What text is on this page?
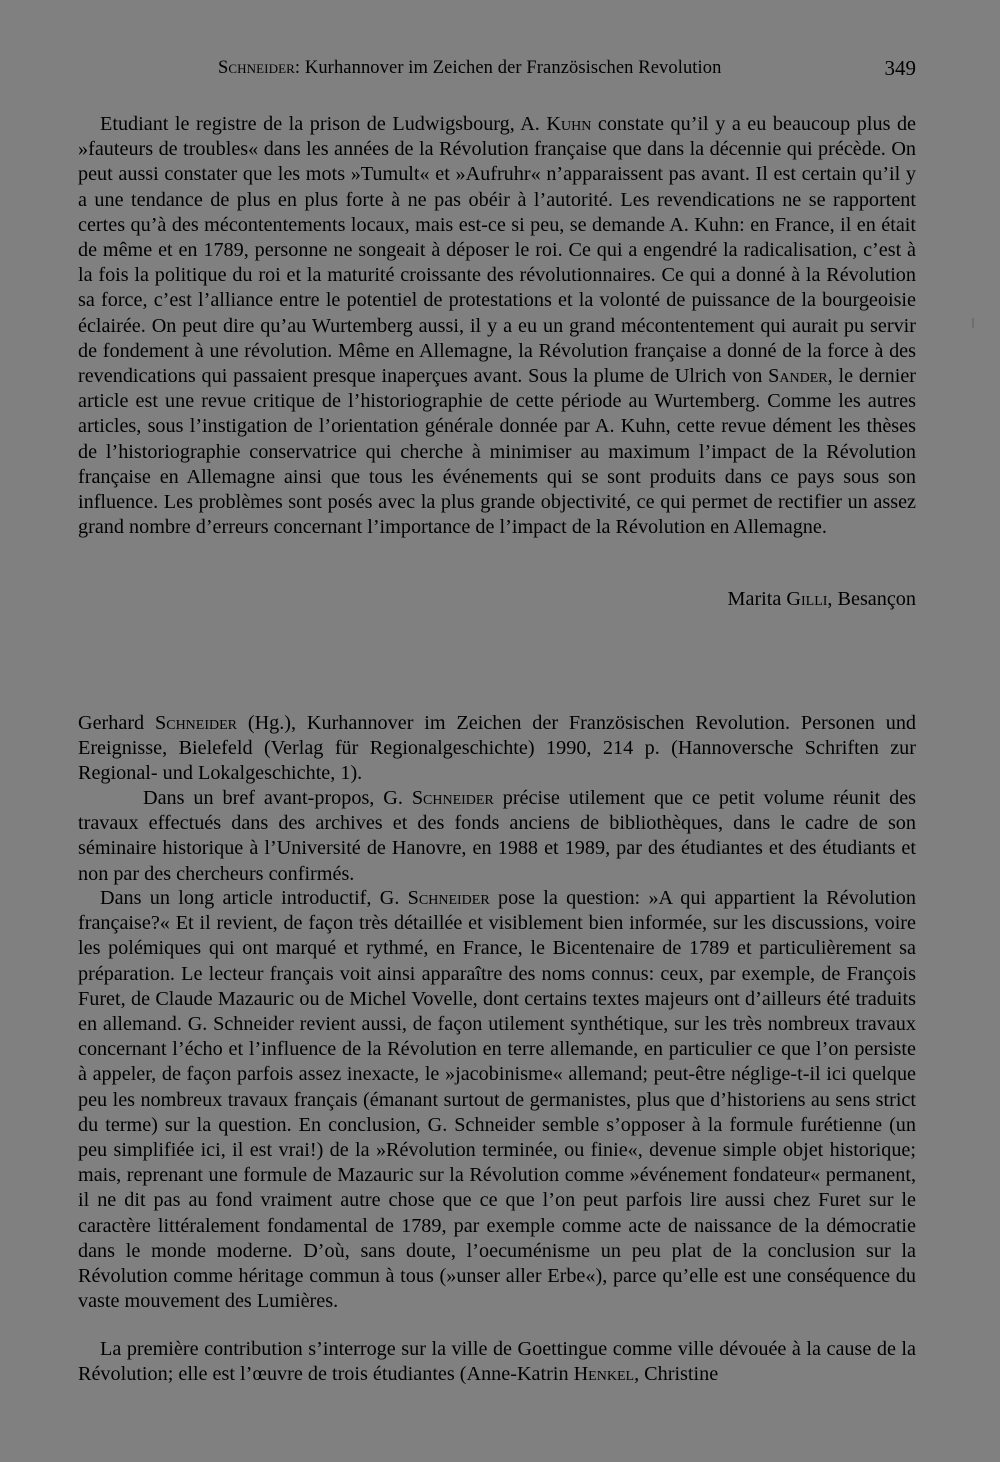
Schneider: Kurhannover im Zeichen der Französischen Revolution	349

Etudiant le registre de la prison de Ludwigsbourg, A. Kuhn constate qu’il y a eu beaucoup plus de »fauteurs de troubles« dans les années de la Révolution française que dans la décennie qui précède. On peut aussi constater que les mots »Tumult« et »Aufruhr« n’apparaissent pas avant. Il est certain qu’il y a une tendance de plus en plus forte à ne pas obéir à l’autorité. Les revendications ne se rapportent certes qu’à des mécontentements locaux, mais est-ce si peu, se demande A. Kuhn: en France, il en était de même et en 1789, personne ne songeait à déposer le roi. Ce qui a engendré la radicalisation, c’est à la fois la politique du roi et la maturité croissante des révolutionnaires. Ce qui a donné à la Révolution sa force, c’est l’alliance entre le potentiel de protestations et la volonté de puissance de la bourgeoisie éclairée. On peut dire qu’au Wurtemberg aussi, il y a eu un grand mécontentement qui aurait pu servir de fondement à une révolution. Même en Allemagne, la Révolution française a donné de la force à des revendications qui passaient presque inaperçues avant. Sous la plume de Ulrich von Sander, le dernier article est une revue critique de l’historiographie de cette période au Wurtemberg. Comme les autres articles, sous l’instigation de l’orientation générale donnée par A. Kuhn, cette revue dément les thèses de l’historiographie conservatrice qui cherche à minimiser au maximum l’impact de la Révolution française en Allemagne ainsi que tous les événements qui se sont produits dans ce pays sous son influence. Les problèmes sont posés avec la plus grande objectivité, ce qui permet de rectifier un assez grand nombre d’erreurs concernant l’importance de l’impact de la Révolution en Allemagne.

Marita Gilli, Besançon

Gerhard Schneider (Hg.), Kurhannover im Zeichen der Französischen Revolution. Personen und Ereignisse, Bielefeld (Verlag für Regionalgeschichte) 1990, 214 p. (Hannoversche Schriften zur Regional- und Lokalgeschichte, 1).

Dans un bref avant-propos, G. Schneider précise utilement que ce petit volume réunit des travaux effectués dans des archives et des fonds anciens de bibliothèques, dans le cadre de son séminaire historique à l’Université de Hanovre, en 1988 et 1989, par des étudiantes et des étudiants et non par des chercheurs confirmés.

Dans un long article introductif, G. Schneider pose la question: »A qui appartient la Révolution française?« Et il revient, de façon très détaillée et visiblement bien informée, sur les discussions, voire les polémiques qui ont marqué et rythmé, en France, le Bicentenaire de 1789 et particulièrement sa préparation. Le lecteur français voit ainsi apparaître des noms connus: ceux, par exemple, de François Furet, de Claude Mazauric ou de Michel Vovelle, dont certains textes majeurs ont d’ailleurs été traduits en allemand. G. Schneider revient aussi, de façon utilement synthétique, sur les très nombreux travaux concernant l’écho et l’influence de la Révolution en terre allemande, en particulier ce que l’on persiste à appeler, de façon parfois assez inexacte, le »jacobinisme« allemand; peut-être néglige-t-il ici quelque peu les nombreux travaux français (émanant surtout de germanistes, plus que d’historiens au sens strict du terme) sur la question. En conclusion, G. Schneider semble s’opposer à la formule furétienne (un peu simplifiée ici, il est vrai!) de la »Révolution terminée, ou finie«, devenue simple objet historique; mais, reprenant une formule de Mazauric sur la Révolution comme »événement fondateur« permanent, il ne dit pas au fond vraiment autre chose que ce que l’on peut parfois lire aussi chez Furet sur le caractère littéralement fondamental de 1789, par exemple comme acte de naissance de la démocratie dans le monde moderne. D’où, sans doute, l’oecuménisme un peu plat de la conclusion sur la Révolution comme héritage commun à tous (»unser aller Erbe«), parce qu’elle est une conséquence du vaste mouvement des Lumières.

La première contribution s’interroge sur la ville de Goettingue comme ville dévouée à la cause de la Révolution; elle est l’œuvre de trois étudiantes (Anne-Katrin Henkel, Christine
